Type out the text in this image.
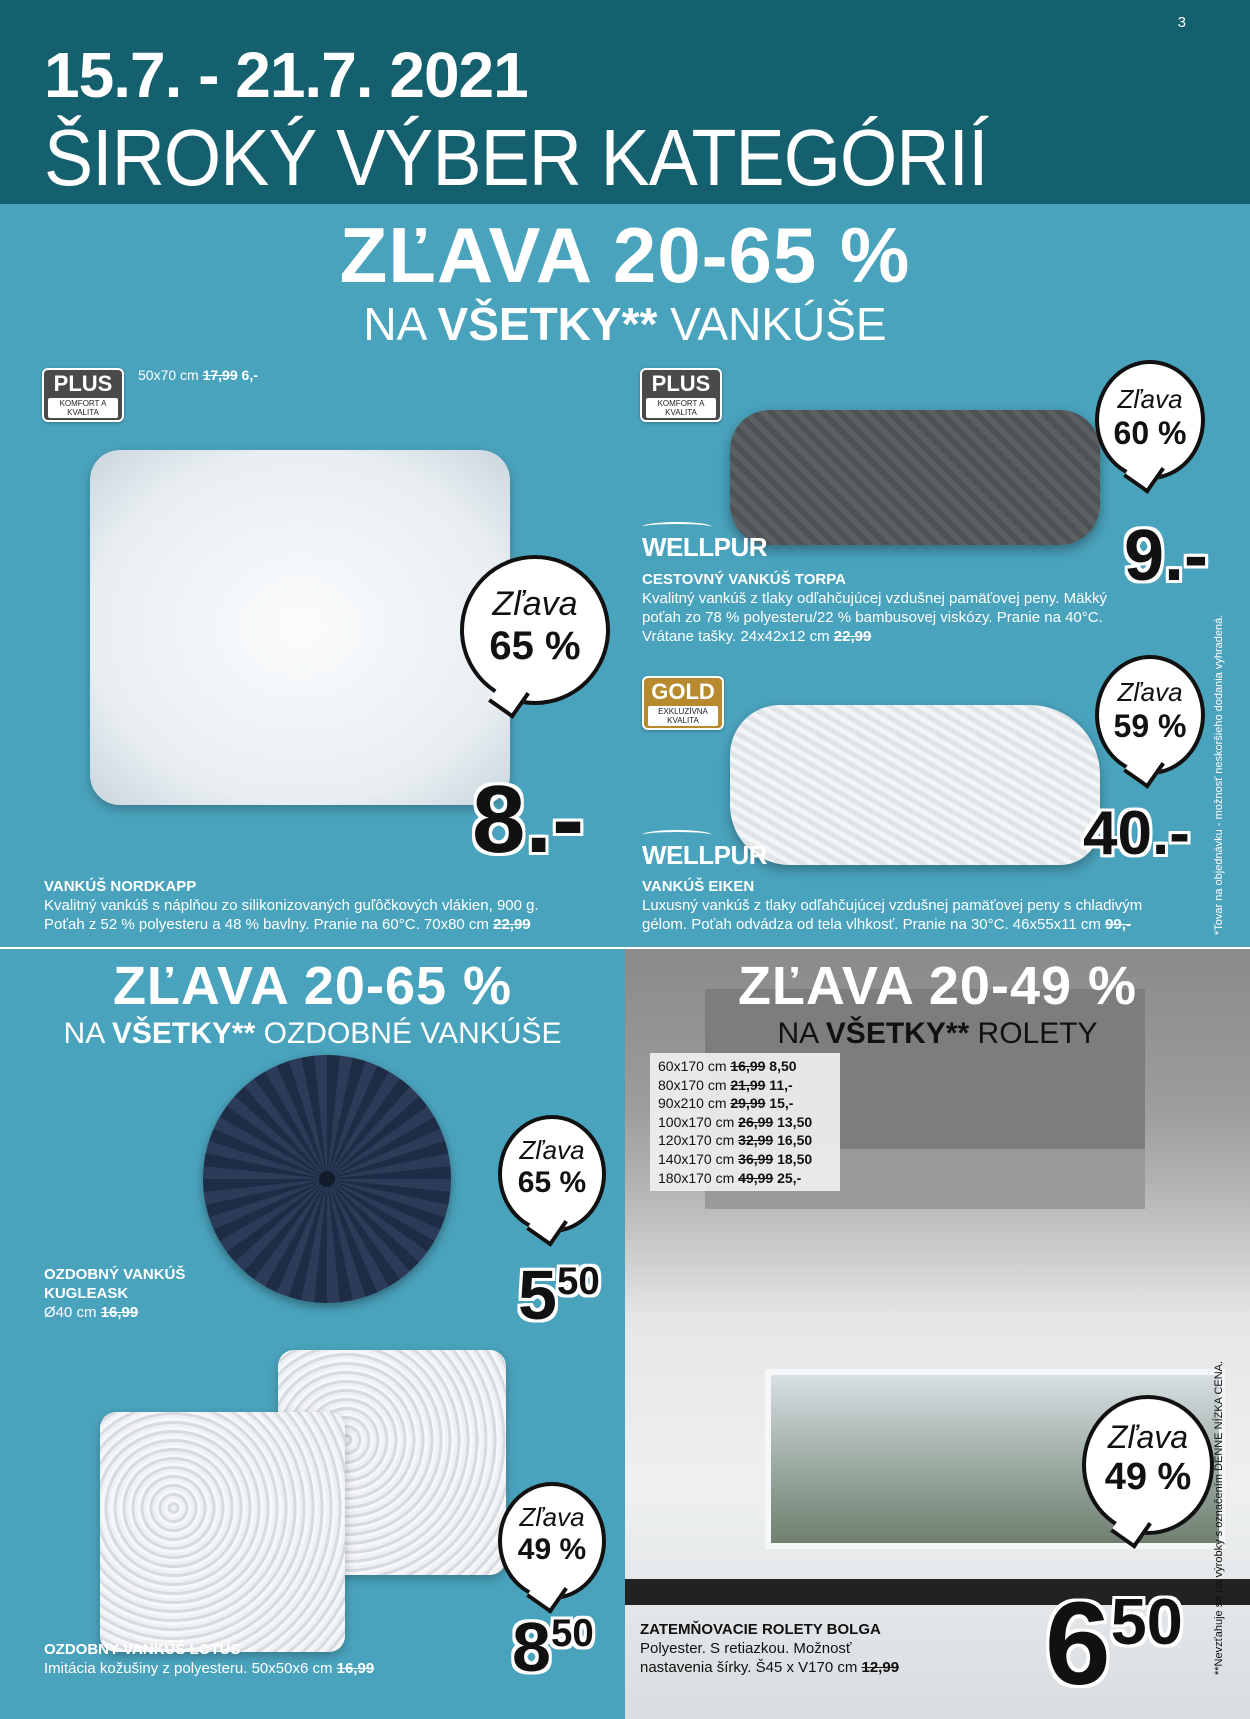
3
15.7. - 21.7. 2021
ŠIROKÝ VÝBER KATEGÓRIÍ
ZĽAVA 20-65 %
NA VŠETKY** VANKÚŠE
PLUS
KOMFORT A KVALITA
50x70 cm 17,99 6,-
Zľava
65 %
8.-
VANKÚŠ NORDKAPP
Kvalitný vankúš s náplňou zo silikonizovaných guľôčkových vlákien, 900 g.
Poťah z 52 % polyesteru a 48 % bavlny. Pranie na 60°C. 70x80 cm 22,99
PLUS
KOMFORT A KVALITA	Zľava
60 %
9.-
WELLPUR
CESTOVNÝ VANKÚŠ TORPA
Kvalitný vankúš z tlaky odľahčujúcej vzdušnej pamäťovej peny. Mäkký
poťah zo 78 % polyesteru/22 % bambusovej viskózy. Pranie na 40°C.
Vrátane tašky. 24x42x12 cm 22,99
GOLD
EXKLUZÍVNA KVALITA
Zľava
59 %
40.-
WELLPUR
VANKÚŠ EIKEN
Luxusný vankúš z tlaky odľahčujúcej vzdušnej pamäťovej peny s chladivým
gélom. Poťah odvádza od tela vlhkosť. Pranie na 30°C. 46x55x11 cm 99,-	*Tovar na objednávku - možnosť neskoršieho dodania vyhradená.
ZĽAVA 20-65 %
NA VŠETKY** OZDOBNÉ VANKÚŠE
Zľava
65 %
$5^{50}$
OZDOBNÝ VANKÚŠ
KUGLEASK
Ø40 cm 16,99
Zľava
49 %
$8^{50}$
OZDOBNÝ VANKÚŠ LOTUS
Imitácia kožušiny z polyesteru. 50x50x6 cm 16,99
ZĽAVA 20-49 %
NA VŠETKY** ROLETY
60x170 cm 16,99 8,50
80x170 cm 21,99 11,-
90x210 cm 29,99 15,-
100x170 cm 26,99 13,50
120x170 cm 32,99 16,50
140x170 cm 36,99 18,50
180x170 cm 49,99 25,-
Zľava
49 %
$6^{50}$
ZATEMŇOVACIE ROLETY BOLGA
Polyester. S retiazkou. Možnosť
nastavenia šírky. Š45 x V170 cm 12,99	**Nevzťahuje sa na výrobky s označením DENNE NÍZKA CENA.
